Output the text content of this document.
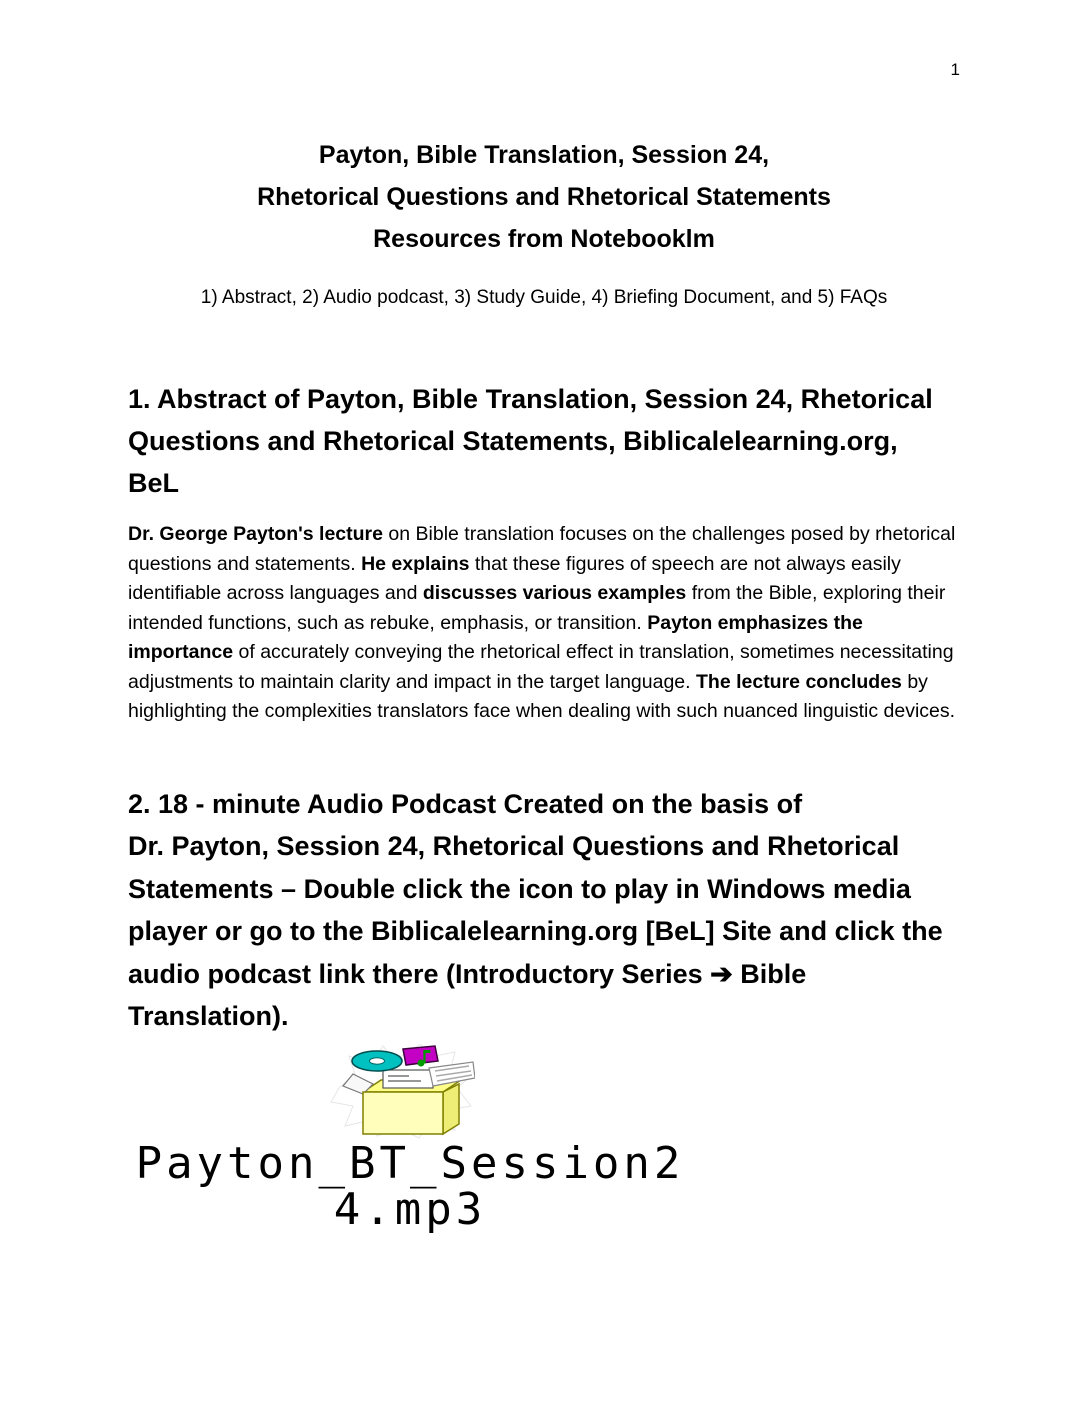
1
Payton, Bible Translation, Session 24,
Rhetorical Questions and Rhetorical Statements
Resources from Notebooklm
1) Abstract, 2) Audio podcast, 3) Study Guide, 4) Briefing Document, and 5) FAQs
1. Abstract of Payton, Bible Translation, Session 24, Rhetorical
Questions and Rhetorical Statements, Biblicalelearning.org,
BeL

Dr. George Payton's lecture on Bible translation focuses on the challenges posed by rhetorical questions and statements. He explains that these figures of speech are not always easily identifiable across languages and discusses various examples from the Bible, exploring their intended functions, such as rebuke, emphasis, or transition. Payton emphasizes the importance of accurately conveying the rhetorical effect in translation, sometimes necessitating adjustments to maintain clarity and impact in the target language. The lecture concludes by highlighting the complexities translators face when dealing with such nuanced linguistic devices.

2. 18 - minute Audio Podcast Created on the basis of
Dr. Payton, Session 24, Rhetorical Questions and Rhetorical
Statements – Double click the icon to play in Windows media
player or go to the Biblicalelearning.org [BeL] Site and click the
audio podcast link there (Introductory Series ➔ Bible
Translation).
Payton_BT_Session2
4.mp3
